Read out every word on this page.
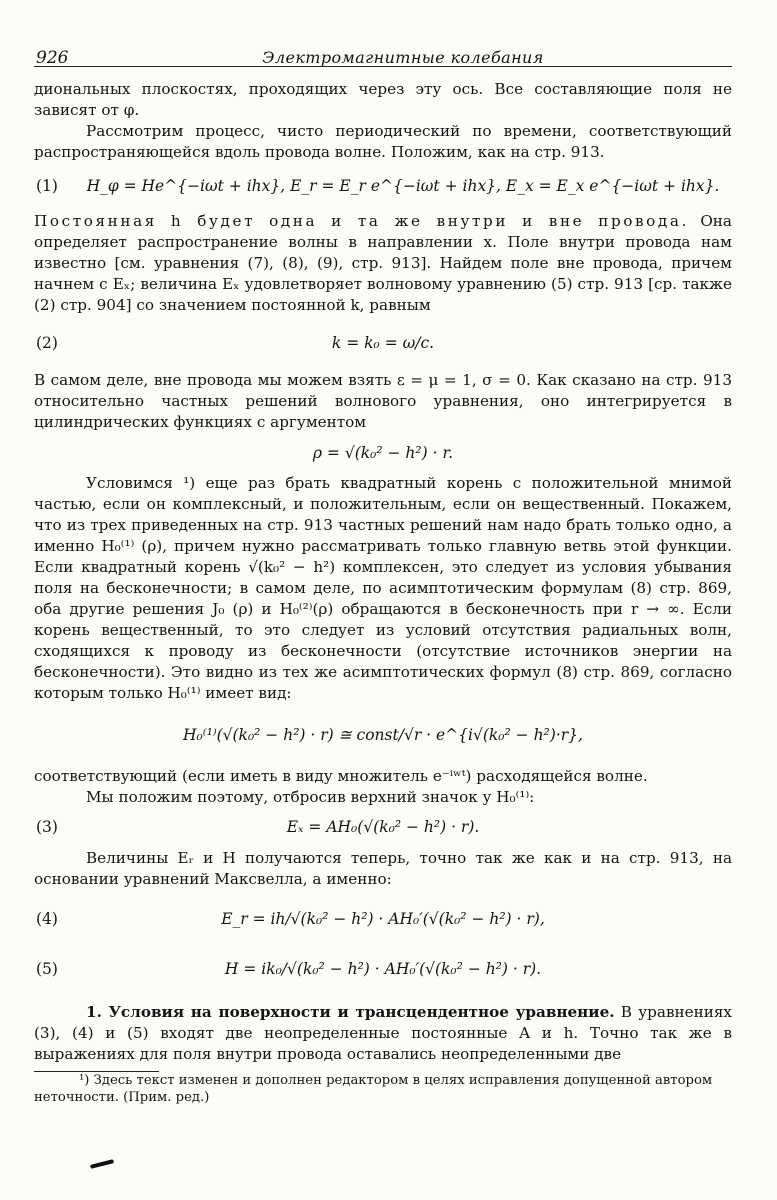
926	Электромагнитные колебания

диональных плоскостях, проходящих через эту ось. Все составляющие поля не зависят от φ.

Рассмотрим процесс, чисто периодический по времени, соответствующий распространяющейся вдоль провода волне. Положим, как на стр. 913.

(1)	H_φ = He^{−iωt + ihx}, E_r = E_r e^{−iωt + ihx}, E_x = E_x e^{−iωt + ihx}.

Постоянная h будет одна и та же внутри и вне провода. Она определяет распространение волны в направлении x. Поле внутри провода нам известно [см. уравнения (7), (8), (9), стр. 913]. Найдем поле вне провода, причем начнем с Eₓ; величина Eₓ удовлетворяет волновому уравнению (5) стр. 913 [ср. также (2) стр. 904] со значением постоянной k, равным

(2)	k = k₀ = ω/c.

В самом деле, вне провода мы можем взять ε = μ = 1, σ = 0. Как сказано на стр. 913 относительно частных решений волнового уравнения, оно интегрируется в цилиндрических функциях с аргументом

ρ = √(k₀² − h²) · r.

Условимся ¹) еще раз брать квадратный корень с положительной мнимой частью, если он комплексный, и положительным, если он вещественный. Покажем, что из трех приведенных на стр. 913 частных решений нам надо брать только одно, а именно H₀⁽¹⁾ (ρ), причем нужно рассматривать только главную ветвь этой функции. Если квадратный корень √(k₀² − h²) комплексен, это следует из условия убывания поля на бесконечности; в самом деле, по асимптотическим формулам (8) стр. 869, оба другие решения J₀ (ρ) и H₀⁽²⁾(ρ) обращаются в бесконечность при r → ∞. Если корень вещественный, то это следует из условий отсутствия радиальных волн, сходящихся к проводу из бесконечности (отсутствие источников энергии на бесконечности). Это видно из тех же асимптотических формул (8) стр. 869, согласно которым только H₀⁽¹⁾ имеет вид:

H₀⁽¹⁾(√(k₀² − h²) · r) ≅ const/√r · e^{i√(k₀² − h²)·r},

соответствующий (если иметь в виду множитель e⁻ⁱʷᵗ) расходящейся волне.

Мы положим поэтому, отбросив верхний значок у H₀⁽¹⁾:

(3)	Eₓ = AH₀(√(k₀² − h²) · r).

Величины Eᵣ и H получаются теперь, точно так же как и на стр. 913, на основании уравнений Максвелла, а именно:

(4)	E_r = ih/√(k₀² − h²) · AH₀′(√(k₀² − h²) · r),
(5)	H = ik₀/√(k₀² − h²) · AH₀′(√(k₀² − h²) · r).

1. Условия на поверхности и трансцендентное уравнение. В уравнениях (3), (4) и (5) входят две неопределенные постоянные A и h. Точно так же в выражениях для поля внутри провода оставались неопределенными две

¹) Здесь текст изменен и дополнен редактором в целях исправления допущенной автором неточности. (Прим. ред.)
